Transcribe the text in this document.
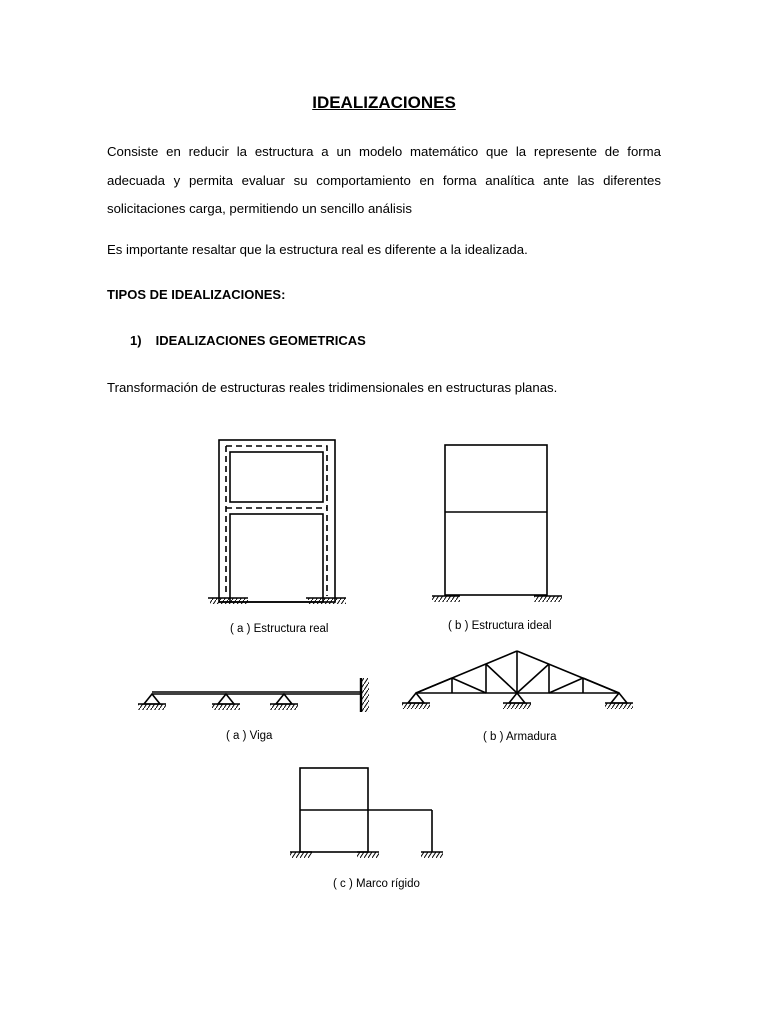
IDEALIZACIONES
Consiste en reducir la estructura a un modelo matemático que la represente de forma adecuada y permita evaluar su comportamiento en forma analítica ante las diferentes solicitaciones carga, permitiendo un sencillo análisis
Es importante resaltar que la estructura real es diferente a la idealizada.
TIPOS DE IDEALIZACIONES:
1) IDEALIZACIONES GEOMETRICAS
Transformación de estructuras reales tridimensionales en estructuras planas.
( a ) Estructura real	( b ) Estructura ideal
( a ) Viga	( b ) Armadura
( c ) Marco rígido
